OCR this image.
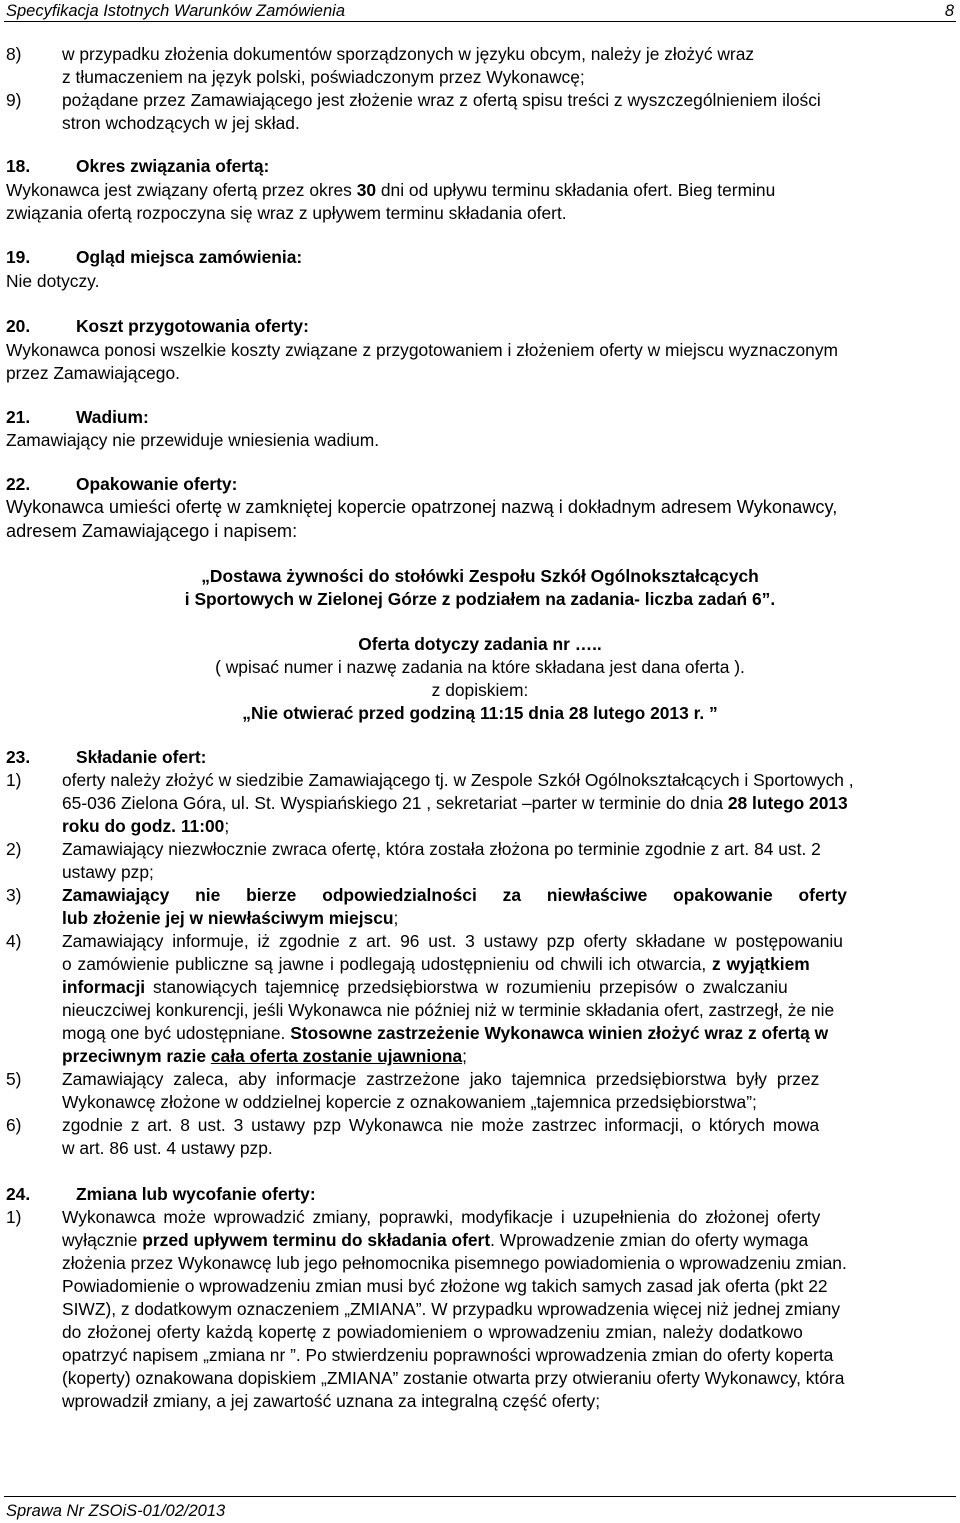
Specyfikacja Istotnych Warunków Zamówienia	8
8) w przypadku złożenia dokumentów sporządzonych w języku obcym, należy je złożyć wraz
z tłumaczeniem na język polski, poświadczonym przez Wykonawcę;
9) pożądane przez Zamawiającego jest złożenie wraz z ofertą spisu treści z wyszczególnieniem ilości
stron wchodzących w jej skład.
18.	Okres związania ofertą:
Wykonawca jest związany ofertą przez okres 30 dni od upływu terminu składania ofert. Bieg terminu
związania ofertą rozpoczyna się wraz z upływem terminu składania ofert.
19.	Ogląd miejsca zamówienia:
Nie dotyczy.
20.	Koszt przygotowania oferty:
Wykonawca ponosi wszelkie koszty związane z przygotowaniem i złożeniem oferty w miejscu wyznaczonym
przez Zamawiającego.
21.	Wadium:
Zamawiający nie przewiduje wniesienia wadium.
22.	Opakowanie oferty:
Wykonawca umieści ofertę w zamkniętej kopercie opatrzonej nazwą i dokładnym adresem Wykonawcy,
adresem Zamawiającego i napisem:
„Dostawa żywności do stołówki Zespołu Szkół Ogólnokształcących
i Sportowych w Zielonej Górze z podziałem na zadania- liczba zadań 6”.
Oferta dotyczy zadania nr …..
( wpisać numer i nazwę zadania na które składana jest dana oferta ).
z dopiskiem:
„Nie otwierać przed godziną 11:15 dnia 28 lutego 2013 r. ”
23.	Składanie ofert:
1) oferty należy złożyć w siedzibie Zamawiającego tj. w Zespole Szkół Ogólnokształcących i Sportowych ,
65-036 Zielona Góra, ul. St. Wyspiańskiego 21 , sekretariat –parter w terminie do dnia 28 lutego 2013
roku do godz. 11:00;
2) Zamawiający niezwłocznie zwraca ofertę, która została złożona po terminie zgodnie z art. 84 ust. 2
ustawy pzp;
3) Zamawiający nie bierze odpowiedzialności za niewłaściwe opakowanie oferty
lub złożenie jej w niewłaściwym miejscu;
4) Zamawiający informuje, iż zgodnie z art. 96 ust. 3 ustawy pzp oferty składane w postępowaniu
o zamówienie publiczne są jawne i podlegają udostępnieniu od chwili ich otwarcia, z wyjątkiem
informacji stanowiących tajemnicę przedsiębiorstwa w rozumieniu przepisów o zwalczaniu
nieuczciwej konkurencji, jeśli Wykonawca nie później niż w terminie składania ofert, zastrzegł, że nie
mogą one być udostępniane. Stosowne zastrzeżenie Wykonawca winien złożyć wraz z ofertą w
przeciwnym razie cała oferta zostanie ujawniona;
5) Zamawiający zaleca, aby informacje zastrzeżone jako tajemnica przedsiębiorstwa były przez
Wykonawcę złożone w oddzielnej kopercie z oznakowaniem „tajemnica przedsiębiorstwa”;
6) zgodnie z art. 8 ust. 3 ustawy pzp Wykonawca nie może zastrzec informacji, o których mowa
w art. 86 ust. 4 ustawy pzp.
24.	Zmiana lub wycofanie oferty:
1) Wykonawca może wprowadzić zmiany, poprawki, modyfikacje i uzupełnienia do złożonej oferty
wyłącznie przed upływem terminu do składania ofert. Wprowadzenie zmian do oferty wymaga
złożenia przez Wykonawcę lub jego pełnomocnika pisemnego powiadomienia o wprowadzeniu zmian.
Powiadomienie o wprowadzeniu zmian musi być złożone wg takich samych zasad jak oferta (pkt 22
SIWZ), z dodatkowym oznaczeniem „ZMIANA”. W przypadku wprowadzenia więcej niż jednej zmiany
do złożonej oferty każdą kopertę z powiadomieniem o wprowadzeniu zmian, należy dodatkowo
opatrzyć napisem „zmiana nr ”. Po stwierdzeniu poprawności wprowadzenia zmian do oferty koperta
(koperty) oznakowana dopiskiem „ZMIANA” zostanie otwarta przy otwieraniu oferty Wykonawcy, która
wprowadził zmiany, a jej zawartość uznana za integralną część oferty;
Sprawa Nr ZSOiS-01/02/2013
